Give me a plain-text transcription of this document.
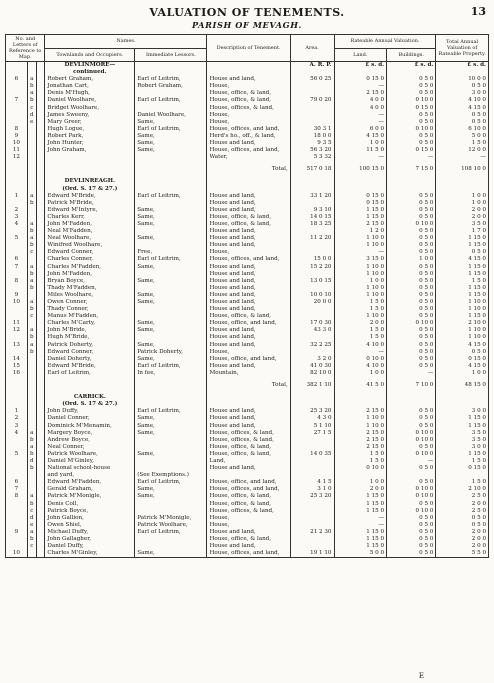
VALUATION OF TENEMENTS.	13
PARISH OF MEVAGH.
No. and Letters of Reference to Map.			Names.		Description of Tenement.	Area.	Rateable Annual Valuation.		Total Annual Valuation of Rateable Property.
			Townlands and Occupiers.	Immediate Lessors.			Land.	Buildings.	
			DEVLINMORE—			A. R. P.	£ s. d.	£ s. d.	£ s. d.
			continued.						
6	a		Robert Graham,	Earl of Leitrim,	House and land,	56 0 25	0 15 0	0 5 0	10 0 0
	b		Jonathan Cart,	Robert Graham,	House,		—	0 5 0	0 5 0
	a		Denis M'Hugh,		House, office, & land,		2 15 0	0 5 0	3 0 0
7	b		Daniel Woolhare,	Earl of Leitrim,	House, office, & land,	79 0 20	4 0 0	0 10 0	4 10 0
	c		Bridget Woolhare,		House, offices, & land,		4 0 0	0 15 0	4 15 0
	d		James Sweeny,	Daniel Woolhare,	House,		—	0 5 0	0 5 0
	e		Mary Greer,	Same,	House,		—	0 5 0	0 5 0
8			Hugh Logue,	Earl of Leitrim,	House, offices, and land,	30 3 1	6 0 0	0 10 0	6 10 0
9			Robert Park,	Same,	Herd's ho., off., & land,	18 0 0	4 15 0	0 5 0	5 0 0
10			John Hunter,	Same,	House and land,	9 3 5	1 0 0	0 5 0	1 5 0
11			John Graham,	Same,	House, offices, and land,	56 3 20	11 5 0	0 15 0	12 0 0
12					Water,	5 3 32	—	—	—

					Total,	517 0 18	100 15 0	7 15 0	108 10 0

			DEVLINREAGH.						
			(Ord. S. 17 & 27.)						
1	a		Edward M'Bride,	Earl of Leitrim,	House and land,	33 1 20	0 15 0	0 5 0	1 0 0
	b		Patrick M'Bride,		House and land,		0 15 0	0 5 0	1 0 0
2			Edward M'Intyre,	Same,	House and land,	9 3 10	1 15 0	0 5 0	2 0 0
3			Charles Kerr,	Same,	House, office, & land,	14 0 15	1 15 0	0 5 0	2 0 0
4	a		John M'Fadden,	Same,	House, office, & land,	18 3 25	2 15 0	0 10 0	3 5 0
	b		Neal M'Fadden,		House and land,		1 2 0	0 5 0	1 7 0
5	a		Neal Woolhare,	Same,	House and land,	11 2 20	1 10 0	0 5 0	1 15 0
	b		Winifred Woolhare,		House and land,		1 10 0	0 5 0	1 15 0
	c		Edward Conner,	Free,	House,		—	0 5 0	0 5 0
6			Charles Conner,	Earl of Leitrim,	House, offices, and land,	15 0 0	3 15 0	1 0 0	4 15 0
7	a		Charles M'Fadden,	Same,	House and land,	15 2 20	1 10 0	0 5 0	1 15 0
	b		John M'Fadden,		House and land,		1 10 0	0 5 0	1 15 0
8	a		Bryan Boyce,	Same,	House and land,	13 0 15	1 0 0	0 5 0	1 5 0
	b		Thady M'Fadden,		House and land,		1 10 0	0 5 0	1 15 0
9			Miles Woolhare,	Same,	House and land,	10 0 10	1 10 0	0 5 0	1 15 0
10	a		Owen Conner,	Same,	House and land,	20 0 0	1 5 0	0 5 0	1 10 0
	b		Thady Conner,		House and land,		1 5 0	0 5 0	1 10 0
	c		Manus M'Fadden,		House, office, & land,		1 10 0	0 5 0	1 15 0
11			Charles M'Carty,	Same,	House, office, and land,	17 0 30	2 0 0	0 10 0	2 10 0
12	a		John M'Bride,	Same,	House and land,	43 3 0	1 5 0	0 5 0	1 10 0
	b		Hugh M'Bride,		House and land,		1 5 0	0 5 0	1 10 0
13	a		Patrick Doherty,	Same,	House and land,	32 2 25	4 10 0	0 5 0	4 15 0
	b		Edward Conner,	Patrick Doherty,	House,		—	0 5 0	0 5 0
14			Daniel Doherty,	Same,	House, office, and land,	3 2 0	0 10 0	0 5 0	0 15 0
15			Edward M'Bride,	Earl of Leitrim,	House and land,	41 0 30	4 10 0	0 5 0	4 15 0
16			Earl of Leitrim,	In fee,	Mountain,	82 10 0	1 0 0	—	1 0 0

					Total,	382 1 10	41 5 0	7 10 0	48 15 0

			CARRICK.						
			(Ord. S. 17 & 27.)						
1			John Duffy,	Earl of Leitrim,	House and land,	25 3 20	2 15 0	0 5 0	3 0 0
2			Daniel Conner,	Same,	House and land,	4 3 0	1 10 0	0 5 0	1 15 0
3			Dominick M'Menamin,	Same,	House and land,	5 1 10	1 10 0	0 5 0	1 15 0
4	a		Margery Boyce,	Same,	House, offices, & land,	27 1 5	2 15 0	0 10 0	3 5 0
	b		Andrew Boyce,		House, offices, & land,		2 15 0	0 10 0	3 5 0
	a		Neal Conner,		House, office, & land,		2 15 0	0 5 0	3 0 0
5	b		Patrick Woolhare,	Same,	House, office, & land,	14 0 35	1 5 0	0 10 0	1 15 0
	d		Daniel M'Ginley,		Land,		1 5 0	—	1 5 0
	b		National school-house		House and land,		0 10 0	0 5 0	0 15 0
			and yard,	(See Exemptions.)					
6			Edward M'Fadden,	Earl of Leitrim,	House, office, and land,	4 1 5	1 0 0	0 5 0	1 5 0
7			Gerald Graham,	Same,	House, offices, and land,	3 1 0	2 0 0	0 10 0	2 10 0
8	a		Patrick M'Monigle,	Same,	House, office, & land,	25 3 20	1 15 0	0 10 0	2 5 0
	b		Denis Coll,		House, office, & land,		1 15 0	0 5 0	2 0 0
	c		Patrick Boyce,		House, offices, & land,		1 15 0	0 10 0	2 5 0
	d		John Gallion,	Patrick M'Monigle,	House,		—	0 5 0	0 5 0
	e		Owen Shiel,	Patrick Woolhare,	House,		—	0 5 0	0 5 0
9	a		Michael Duffy,	Earl of Leitrim,	House and land,	21 2 30	1 15 0	0 5 0	2 0 0
	b		John Gallagher,		House, office, & land,		1 15 0	0 5 0	2 0 0
	c		Daniel Duffy,		House and land,		1 15 0	0 5 0	2 0 0
10			Charles M'Ginley,	Same,	House, offices, and land,	19 1 10	5 0 0	0 5 0	5 5 0
E
